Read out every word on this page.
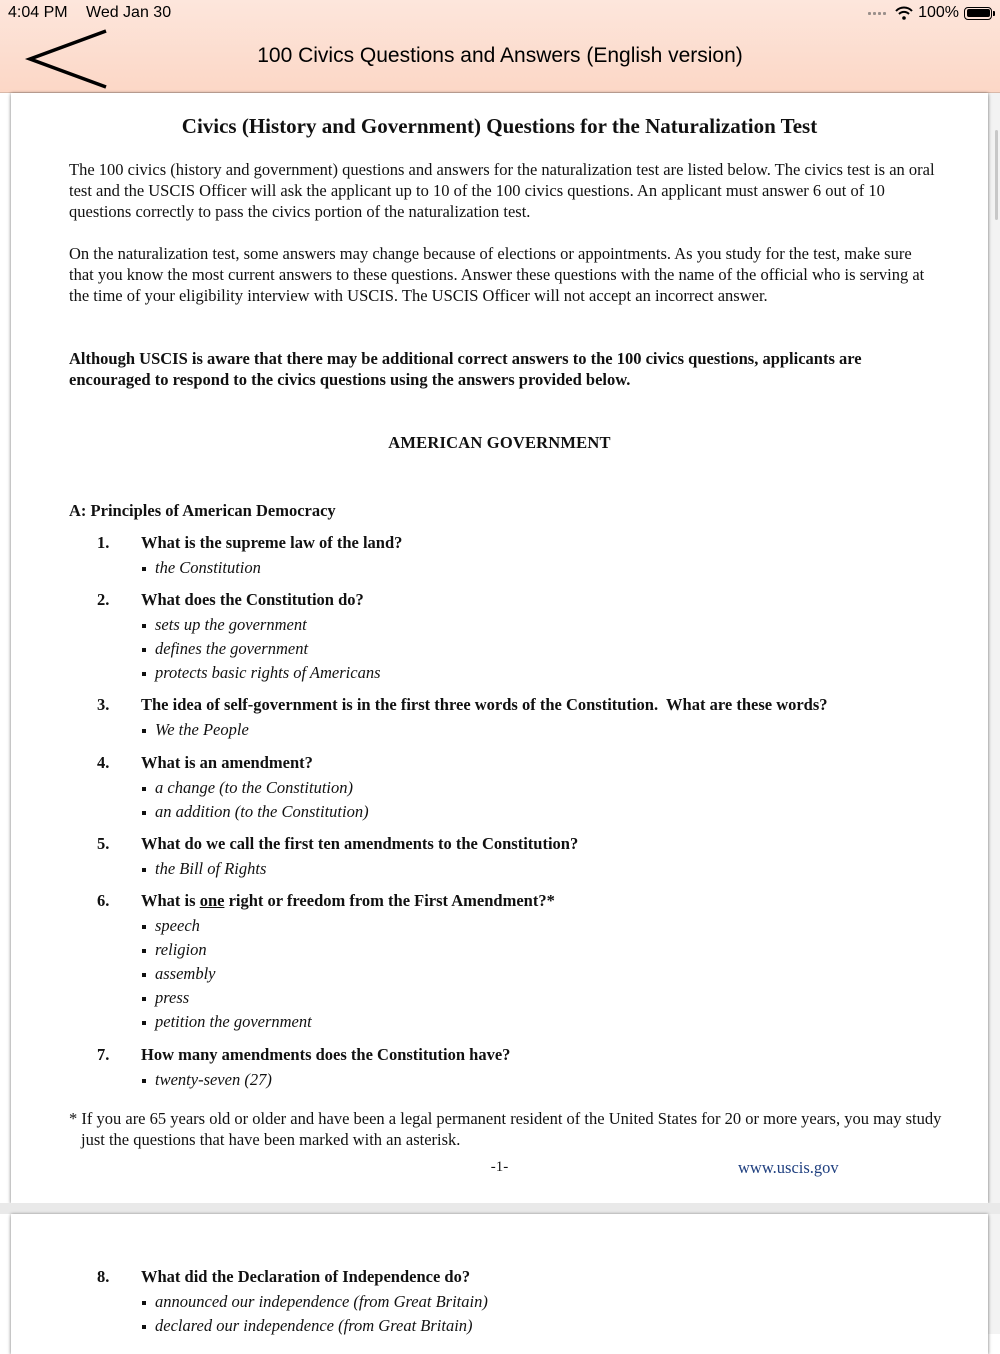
4:04 PM Wed Jan 30	100%
100 Civics Questions and Answers (English version)
Civics (History and Government) Questions for the Naturalization Test

The 100 civics (history and government) questions and answers for the naturalization test are listed below. The civics test is an oral test and the USCIS Officer will ask the applicant up to 10 of the 100 civics questions. An applicant must answer 6 out of 10 questions correctly to pass the civics portion of the naturalization test.

On the naturalization test, some answers may change because of elections or appointments. As you study for the test, make sure that you know the most current answers to these questions. Answer these questions with the name of the official who is serving at the time of your eligibility interview with USCIS. The USCIS Officer will not accept an incorrect answer.

Although USCIS is aware that there may be additional correct answers to the 100 civics questions, applicants are encouraged to respond to the civics questions using the answers provided below.

AMERICAN GOVERNMENT
A: Principles of American Democracy
1.	What is the supreme law of the land?
the Constitution
2.	What does the Constitution do?
sets up the government
defines the government
protects basic rights of Americans
3.	The idea of self-government is in the first three words of the Constitution.  What are these words?
We the People
4.	What is an amendment?
a change (to the Constitution)
an addition (to the Constitution)
5.	What do we call the first ten amendments to the Constitution?
the Bill of Rights
6.	What is one right or freedom from the First Amendment?*
speech
religion
assembly
press
petition the government
7.	How many amendments does the Constitution have?
twenty-seven (27)
* If you are 65 years old or older and have been a legal permanent resident of the United States for 20 or more years, you may study just the questions that have been marked with an asterisk.
-1-	www.uscis.gov
8.	What did the Declaration of Independence do?
announced our independence (from Great Britain)
declared our independence (from Great Britain)
